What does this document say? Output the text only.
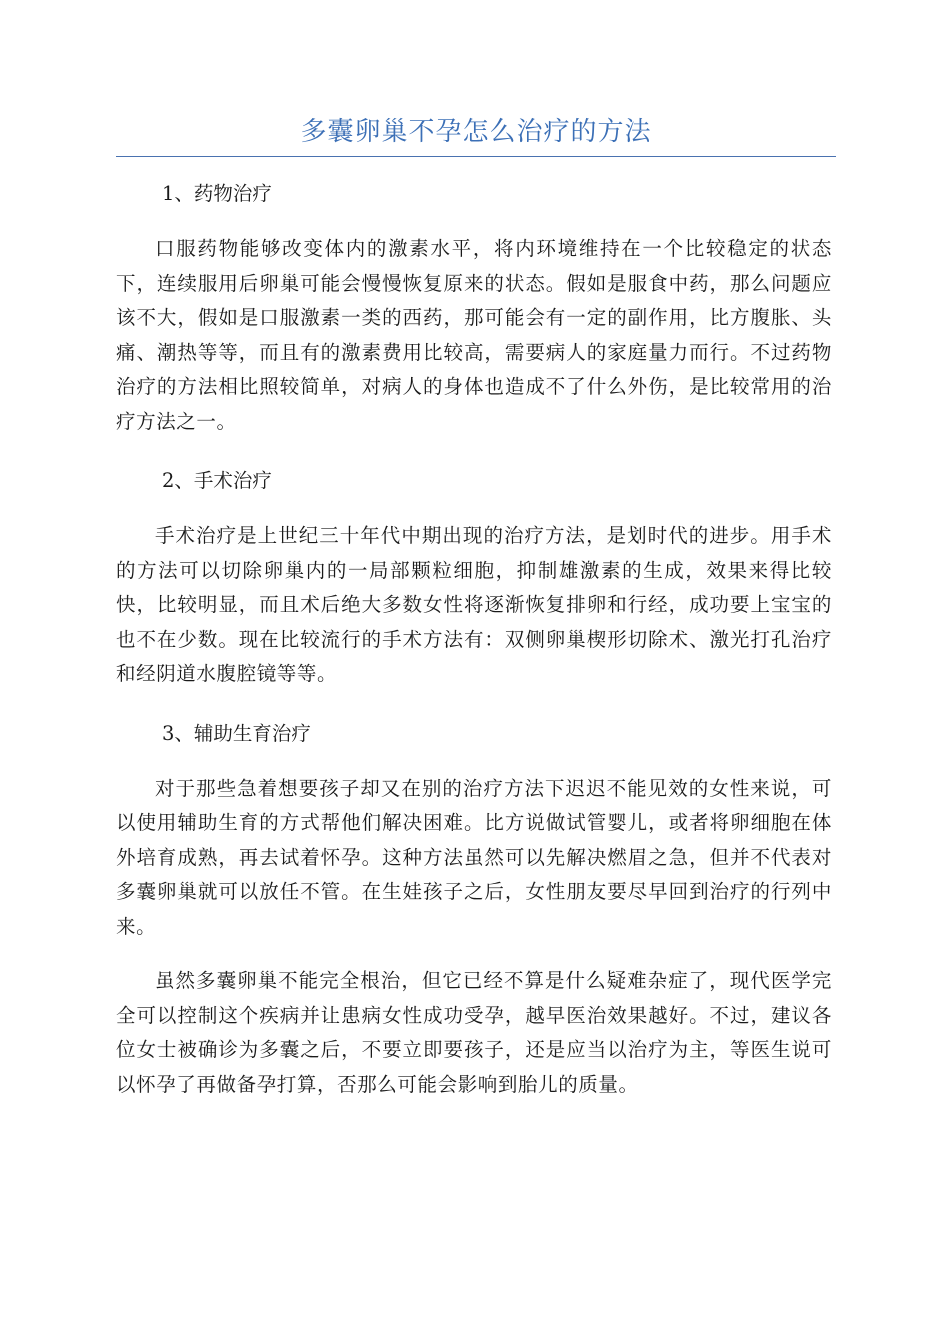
多囊卵巢不孕怎么治疗的方法

1、药物治疗

口服药物能够改变体内的激素水平，将内环境维持在一个比较稳定的状态下，连续服用后卵巢可能会慢慢恢复原来的状态。假如是服食中药，那么问题应该不大，假如是口服激素一类的西药，那可能会有一定的副作用，比方腹胀、头痛、潮热等等，而且有的激素费用比较高，需要病人的家庭量力而行。不过药物治疗的方法相比照较简单，对病人的身体也造成不了什么外伤，是比较常用的治疗方法之一。

2、手术治疗

手术治疗是上世纪三十年代中期出现的治疗方法，是划时代的进步。用手术的方法可以切除卵巢内的一局部颗粒细胞，抑制雄激素的生成，效果来得比较快，比较明显，而且术后绝大多数女性将逐渐恢复排卵和行经，成功要上宝宝的也不在少数。现在比较流行的手术方法有：双侧卵巢楔形切除术、激光打孔治疗和经阴道水腹腔镜等等。

3、辅助生育治疗

对于那些急着想要孩子却又在别的治疗方法下迟迟不能见效的女性来说，可以使用辅助生育的方式帮他们解决困难。比方说做试管婴儿，或者将卵细胞在体外培育成熟，再去试着怀孕。这种方法虽然可以先解决燃眉之急，但并不代表对多囊卵巢就可以放任不管。在生娃孩子之后，女性朋友要尽早回到治疗的行列中来。

虽然多囊卵巢不能完全根治，但它已经不算是什么疑难杂症了，现代医学完全可以控制这个疾病并让患病女性成功受孕，越早医治效果越好。不过，建议各位女士被确诊为多囊之后，不要立即要孩子，还是应当以治疗为主，等医生说可以怀孕了再做备孕打算，否那么可能会影响到胎儿的质量。
